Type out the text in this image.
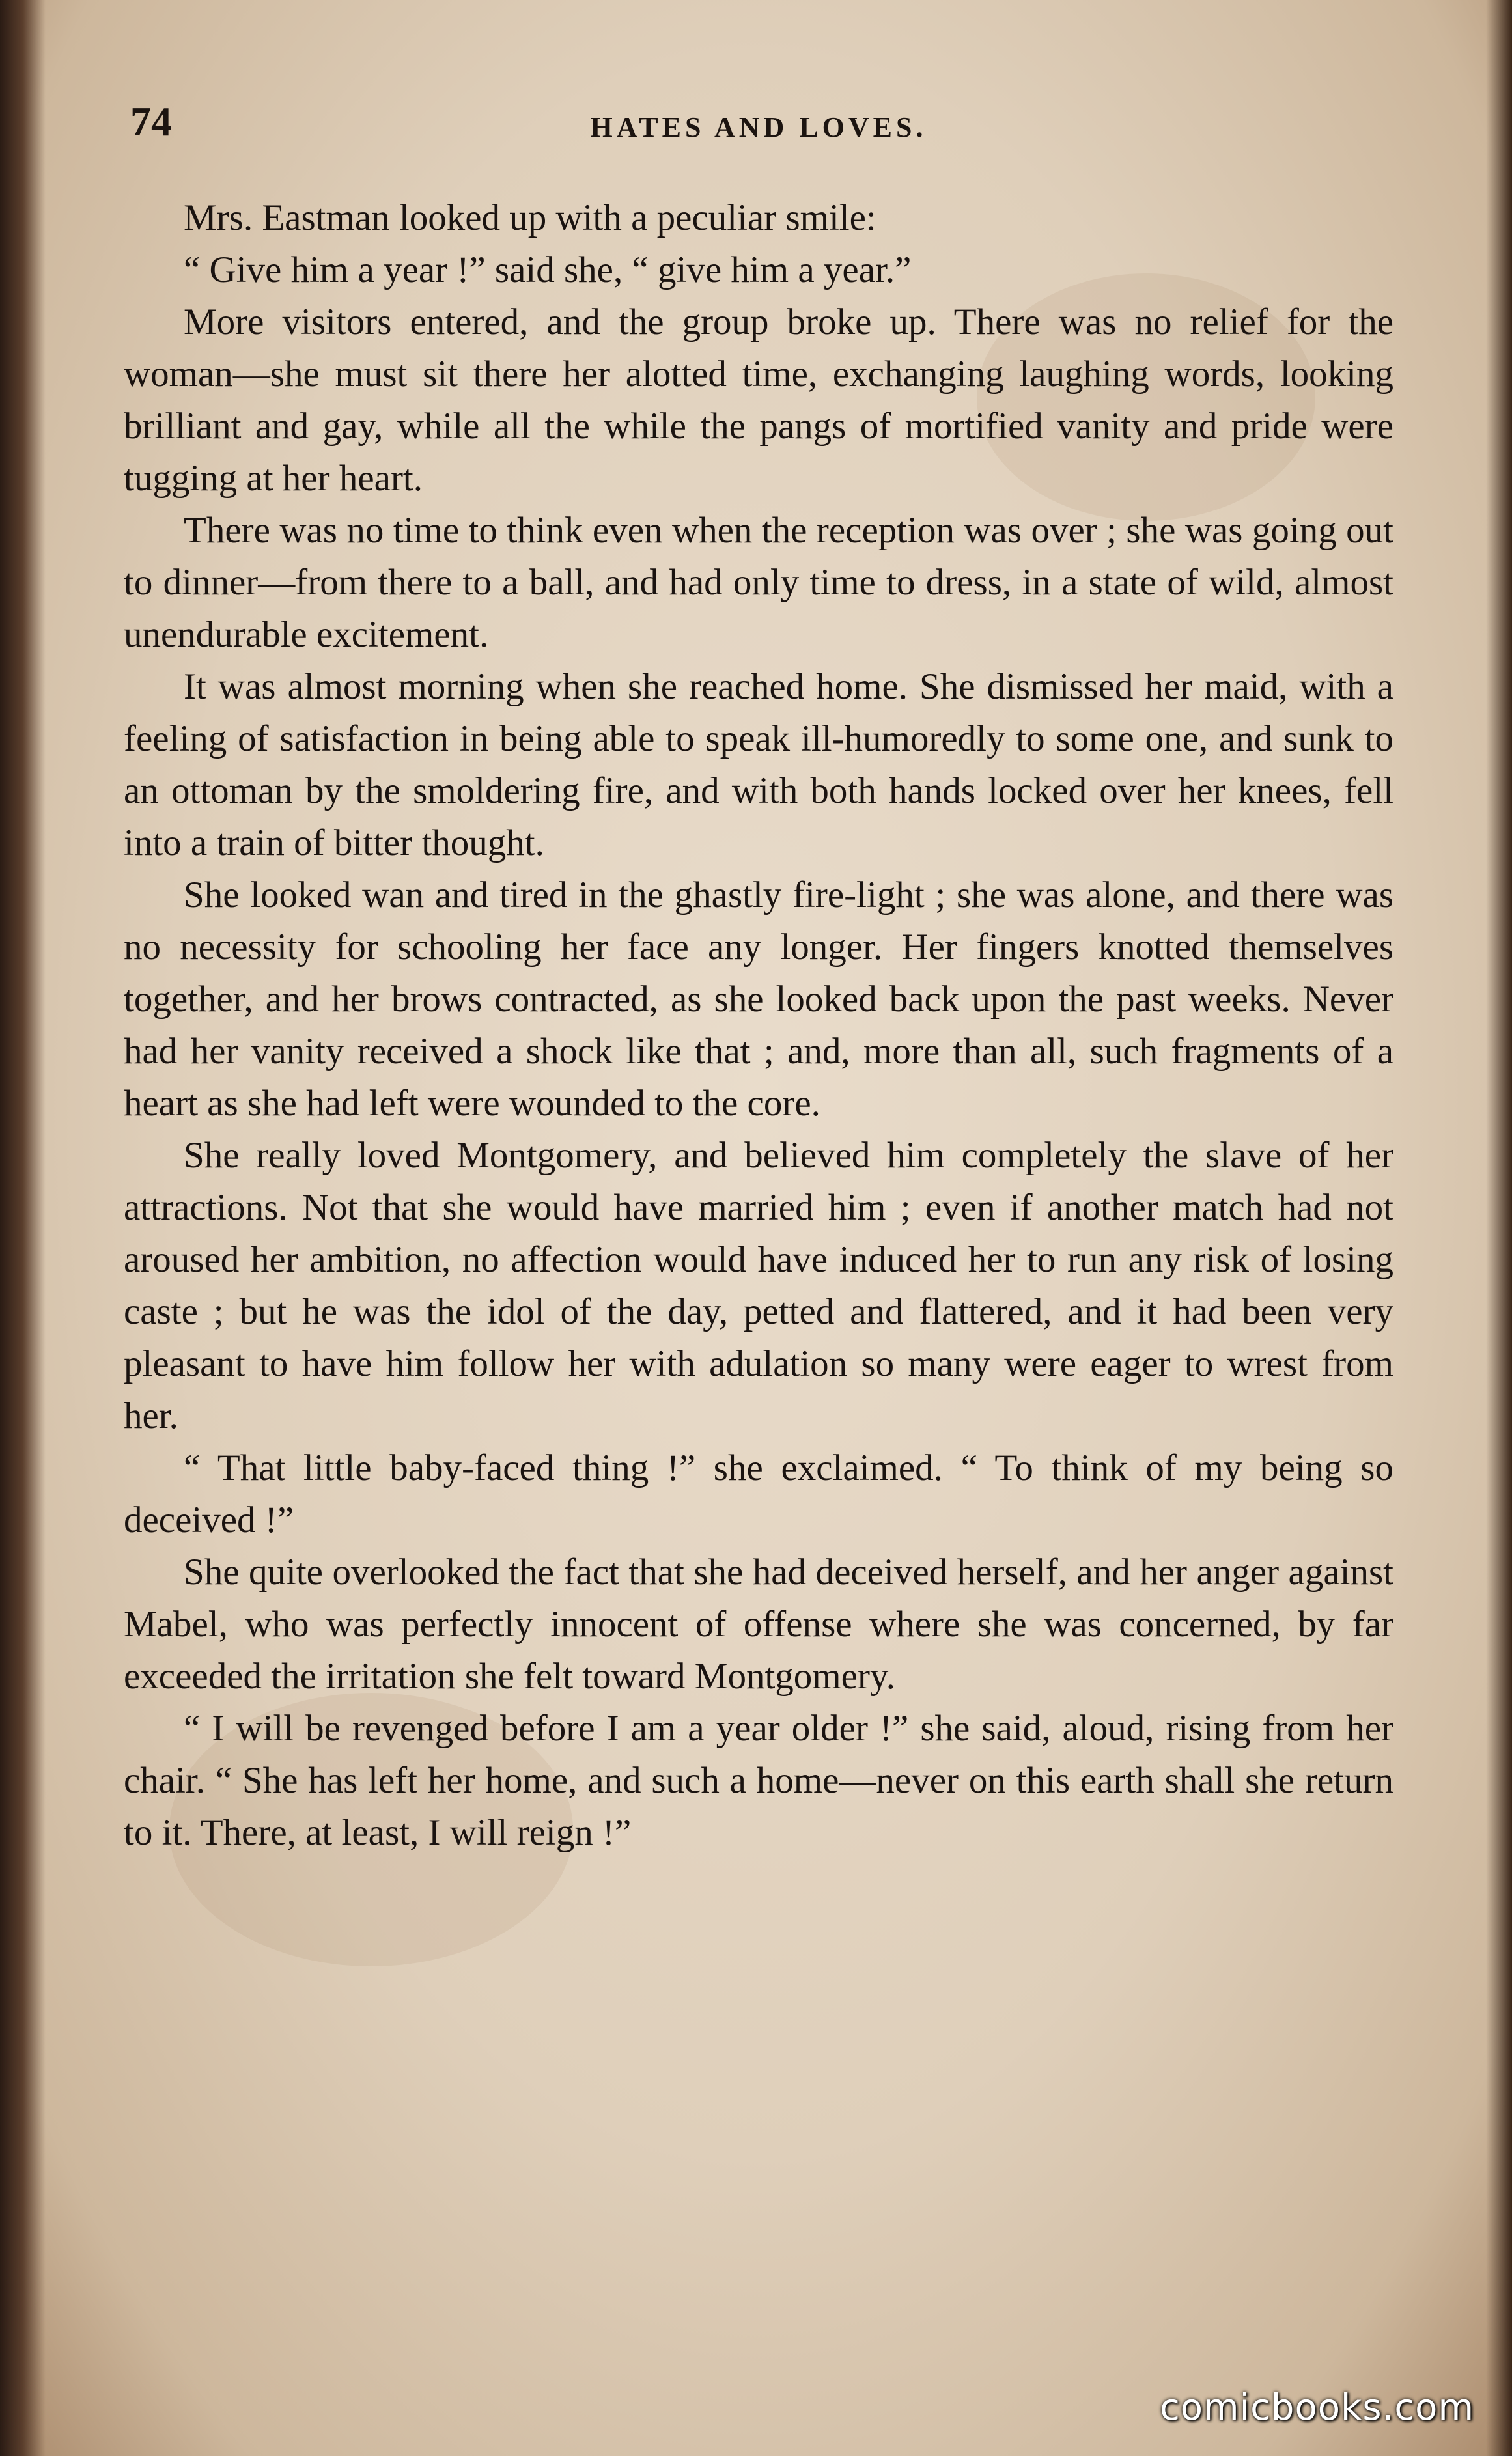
74	HATES AND LOVES.

Mrs. Eastman looked up with a peculiar smile:

“ Give him a year !” said she, “ give him a year.”

More visitors entered, and the group broke up. There was no relief for the woman—she must sit there her alotted time, exchanging laughing words, looking brilliant and gay, while all the while the pangs of mortified vanity and pride were tugging at her heart.

There was no time to think even when the reception was over ; she was going out to dinner—from there to a ball, and had only time to dress, in a state of wild, almost unendurable excitement.

It was almost morning when she reached home. She dismissed her maid, with a feeling of satisfaction in being able to speak ill-humoredly to some one, and sunk to an ottoman by the smoldering fire, and with both hands locked over her knees, fell into a train of bitter thought.

She looked wan and tired in the ghastly fire-light ; she was alone, and there was no necessity for schooling her face any longer. Her fingers knotted themselves together, and her brows contracted, as she looked back upon the past weeks. Never had her vanity received a shock like that ; and, more than all, such fragments of a heart as she had left were wounded to the core.

She really loved Montgomery, and believed him completely the slave of her attractions. Not that she would have married him ; even if another match had not aroused her ambition, no affection would have induced her to run any risk of losing caste ; but he was the idol of the day, petted and flattered, and it had been very pleasant to have him follow her with adulation so many were eager to wrest from her.

“ That little baby-faced thing !” she exclaimed. “ To think of my being so deceived !”

She quite overlooked the fact that she had deceived herself, and her anger against Mabel, who was perfectly innocent of offense where she was concerned, by far exceeded the irritation she felt toward Montgomery.

“ I will be revenged before I am a year older !” she said, aloud, rising from her chair. “ She has left her home, and such a home—never on this earth shall she return to it. There, at least, I will reign !”

comicbooks.com
